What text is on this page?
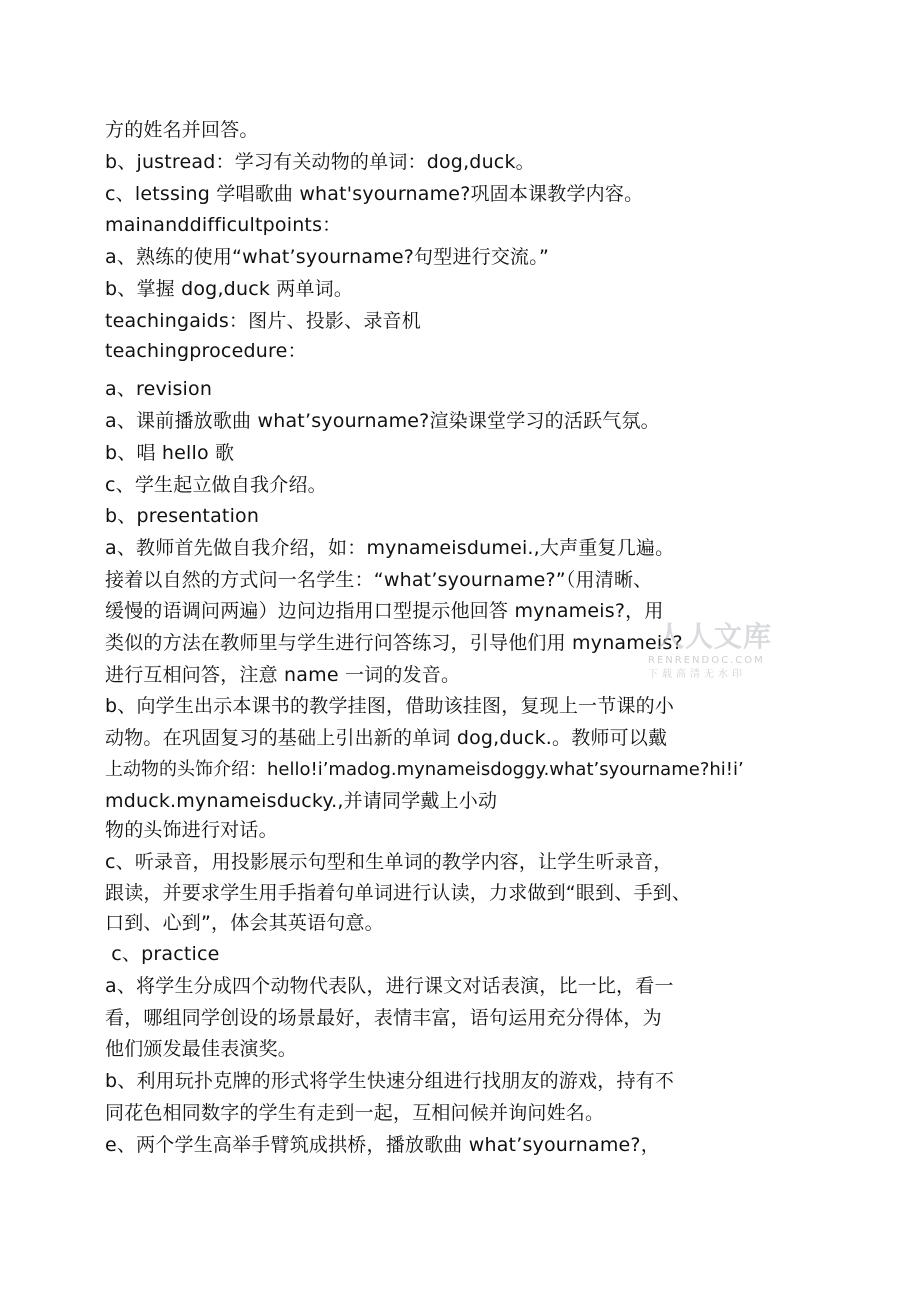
方的姓名并回答。
b、justread：学习有关动物的单词：dog,duck。
c、letssing 学唱歌曲 what'syourname?巩固本课教学内容。
mainanddifficultpoints：
a、熟练的使用“what’syourname?句型进行交流。”
b、掌握 dog,duck 两单词。
teachingaids：图片、投影、录音机
teachingprocedure：
a、revision
a、课前播放歌曲 what’syourname?渲染课堂学习的活跃气氛。
b、唱 hello 歌
c、学生起立做自我介绍。
b、presentation
a、教师首先做自我介绍，如：mynameisdumei.,大声重复几遍。
接着以自然的方式问一名学生：“what’syourname?”（用清晰、
缓慢的语调问两遍）边问边指用口型提示他回答 mynameis?，用
类似的方法在教师里与学生进行问答练习，引导他们用 mynameis?
进行互相问答，注意 name 一词的发音。
b、向学生出示本课书的教学挂图，借助该挂图，复现上一节课的小
动物。在巩固复习的基础上引出新的单词 dog,duck.。教师可以戴
上动物的头饰介绍：hello!i’madog.mynameisdoggy.what’syourname?hi!i’
mduck.mynameisducky.,并请同学戴上小动
物的头饰进行对话。
c、听录音，用投影展示句型和生单词的教学内容，让学生听录音，
跟读，并要求学生用手指着句单词进行认读，力求做到“眼到、手到、
口到、心到”，体会其英语句意。
c、practice
a、将学生分成四个动物代表队，进行课文对话表演，比一比，看一
看，哪组同学创设的场景最好，表情丰富，语句运用充分得体，为
他们颁发最佳表演奖。
b、利用玩扑克牌的形式将学生快速分组进行找朋友的游戏，持有不
同花色相同数字的学生有走到一起，互相问候并询问姓名。
e、两个学生高举手臂筑成拱桥，播放歌曲 what’syourname?，
人人文库
RENRENDOC.COM
下载高清无水印
